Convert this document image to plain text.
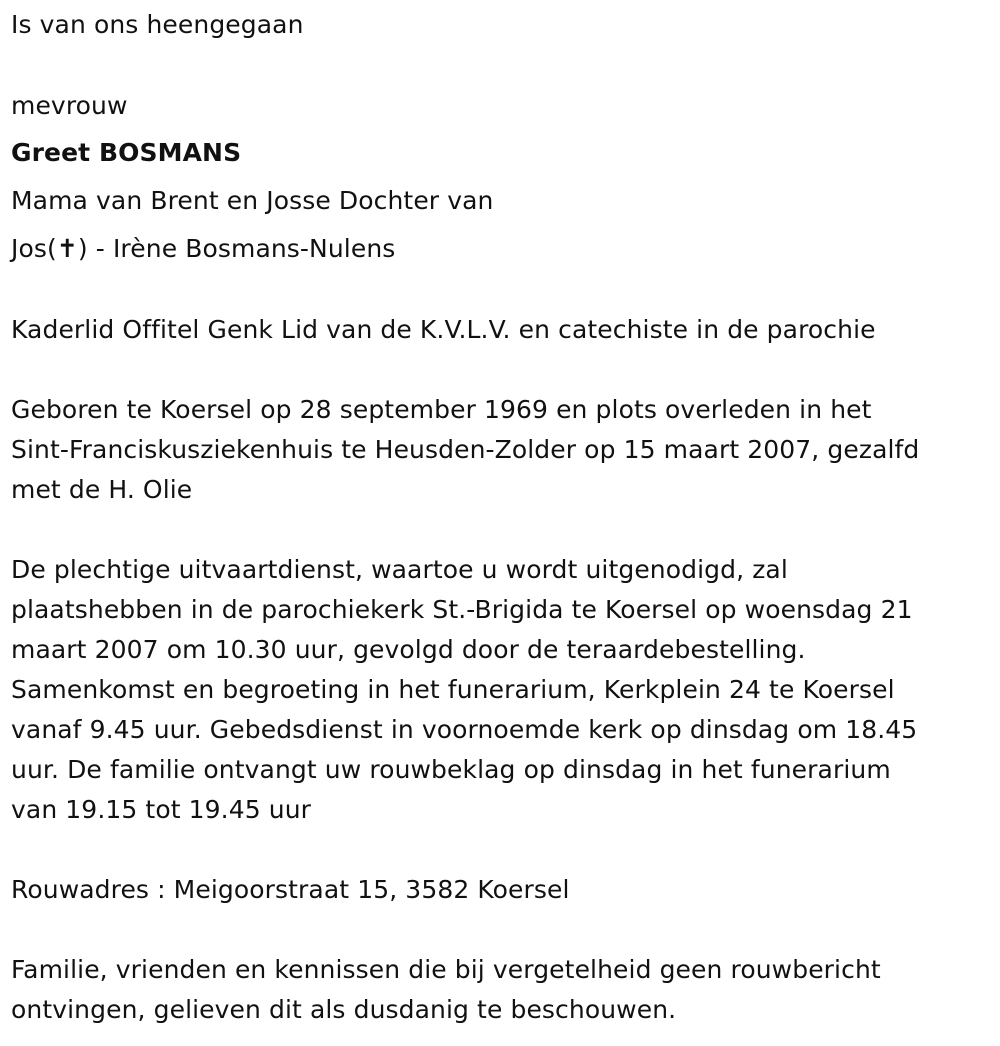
Is van ons heengegaan
mevrouw
Greet BOSMANS
Mama van Brent en Josse Dochter van
Jos(✝) - Irène Bosmans-Nulens
Kaderlid Offitel Genk Lid van de K.V.L.V. en catechiste in de parochie
Geboren te Koersel op 28 september 1969 en plots overleden in het
Sint-Franciskusziekenhuis te Heusden-Zolder op 15 maart 2007, gezalfd
met de H. Olie
De plechtige uitvaartdienst, waartoe u wordt uitgenodigd, zal
plaatshebben in de parochiekerk St.-Brigida te Koersel op woensdag 21
maart 2007 om 10.30 uur, gevolgd door de teraardebestelling.
Samenkomst en begroeting in het funerarium, Kerkplein 24 te Koersel
vanaf 9.45 uur. Gebedsdienst in voornoemde kerk op dinsdag om 18.45
uur. De familie ontvangt uw rouwbeklag op dinsdag in het funerarium
van 19.15 tot 19.45 uur
Rouwadres : Meigoorstraat 15, 3582 Koersel
Familie, vrienden en kennissen die bij vergetelheid geen rouwbericht
ontvingen, gelieven dit als dusdanig te beschouwen.
